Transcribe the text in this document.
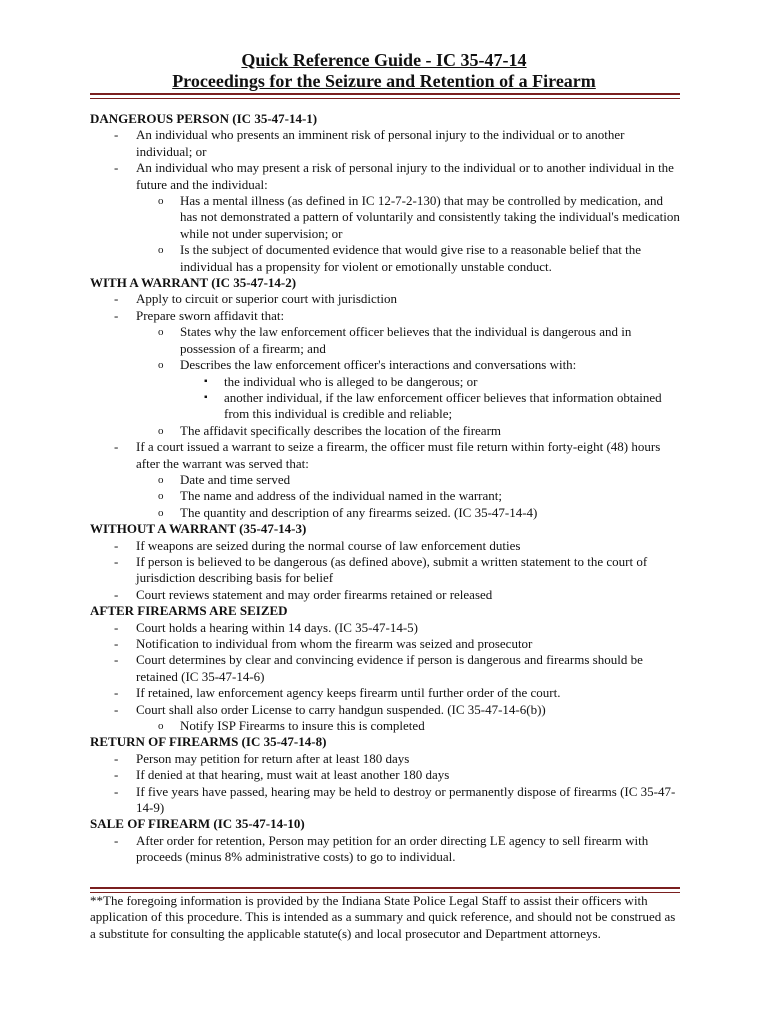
Quick Reference Guide - IC 35-47-14

Proceedings for the Seizure and Retention of a Firearm

DANGEROUS PERSON (IC 35-47-14-1)

- An individual who presents an imminent risk of personal injury to the individual or to another individual; or

- An individual who may present a risk of personal injury to the individual or to another individual in the future and the individual:

o Has a mental illness (as defined in IC 12-7-2-130) that may be controlled by medication, and has not demonstrated a pattern of voluntarily and consistently taking the individual's medication while not under supervision; or

o Is the subject of documented evidence that would give rise to a reasonable belief that the individual has a propensity for violent or emotionally unstable conduct.

WITH A WARRANT (IC 35-47-14-2)

- Apply to circuit or superior court with jurisdiction

- Prepare sworn affidavit that:

o States why the law enforcement officer believes that the individual is dangerous and in possession of a firearm; and

o Describes the law enforcement officer's interactions and conversations with:

▪ the individual who is alleged to be dangerous; or

▪ another individual, if the law enforcement officer believes that information obtained from this individual is credible and reliable;

o The affidavit specifically describes the location of the firearm

- If a court issued a warrant to seize a firearm, the officer must file return within forty-eight (48) hours after the warrant was served that:

o Date and time served

o The name and address of the individual named in the warrant;

o The quantity and description of any firearms seized. (IC 35-47-14-4)

WITHOUT A WARRANT (35-47-14-3)

- If weapons are seized during the normal course of law enforcement duties

- If person is believed to be dangerous (as defined above), submit a written statement to the court of jurisdiction describing basis for belief

- Court reviews statement and may order firearms retained or released

AFTER FIREARMS ARE SEIZED

- Court holds a hearing within 14 days. (IC 35-47-14-5)

- Notification to individual from whom the firearm was seized and prosecutor

- Court determines by clear and convincing evidence if person is dangerous and firearms should be retained (IC 35-47-14-6)

- If retained, law enforcement agency keeps firearm until further order of the court.

- Court shall also order License to carry handgun suspended. (IC 35-47-14-6(b))

o Notify ISP Firearms to insure this is completed

RETURN OF FIREARMS (IC 35-47-14-8)

- Person may petition for return after at least 180 days

- If denied at that hearing, must wait at least another 180 days

- If five years have passed, hearing may be held to destroy or permanently dispose of firearms (IC 35-47-14-9)

SALE OF FIREARM (IC 35-47-14-10)

- After order for retention, Person may petition for an order directing LE agency to sell firearm with proceeds (minus 8% administrative costs) to go to individual.

**The foregoing information is provided by the Indiana State Police Legal Staff to assist their officers with application of this procedure. This is intended as a summary and quick reference, and should not be construed as a substitute for consulting the applicable statute(s) and local prosecutor and Department attorneys.
